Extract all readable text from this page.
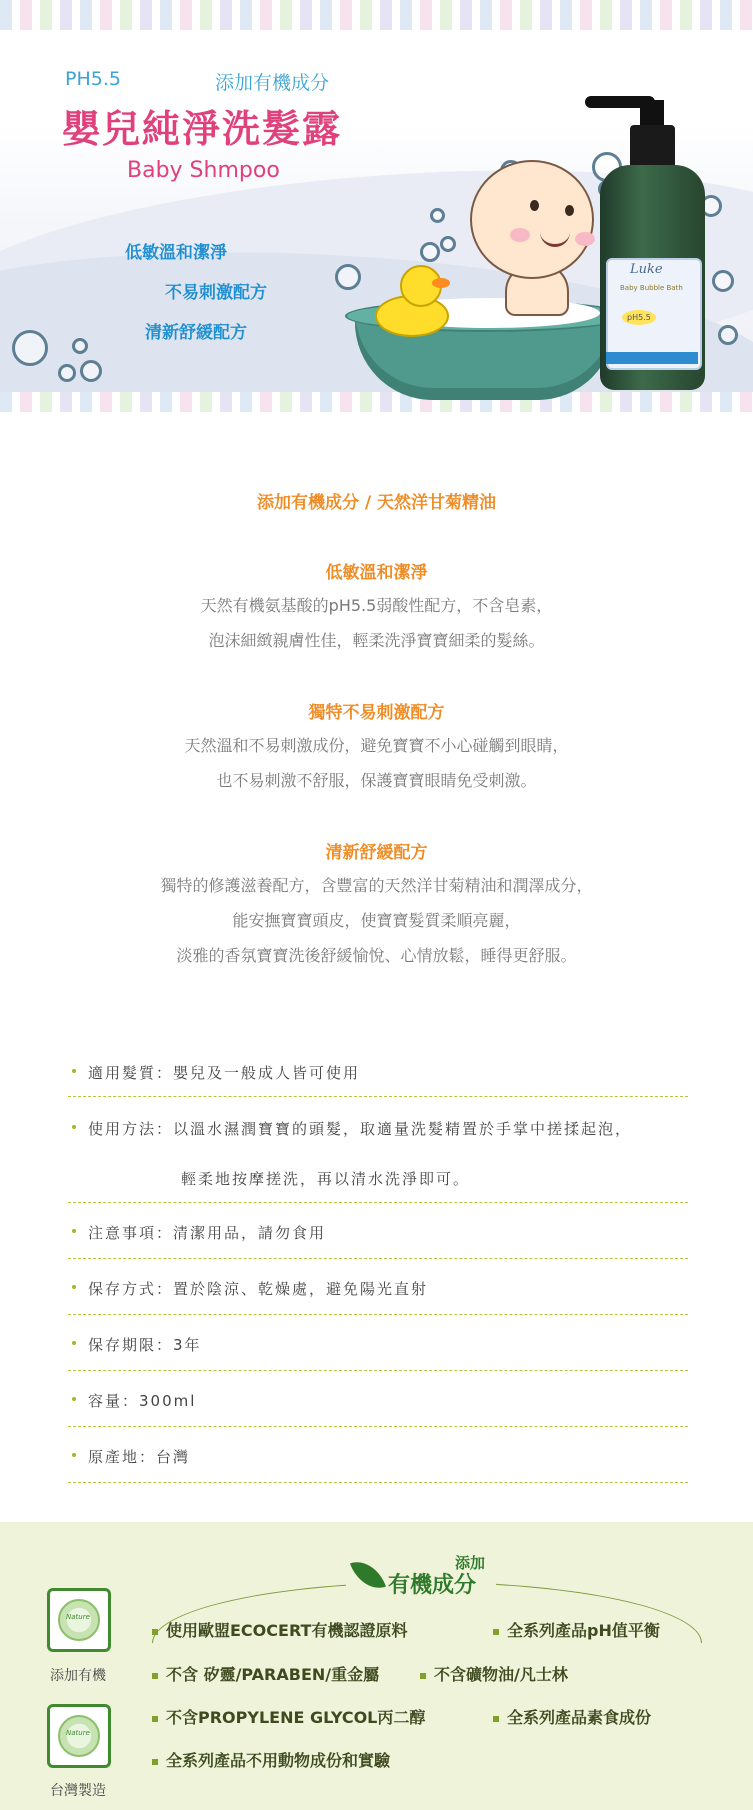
PH5.5	添加有機成分
嬰兒純淨洗髮露
Baby Shmpoo
低敏溫和潔淨
不易刺激配方
清新舒緩配方
Luke
Baby Bubble Bath
pH5.5
添加有機成分 / 天然洋甘菊精油
低敏溫和潔淨
天然有機氨基酸的pH5.5弱酸性配方，不含皂素，
泡沫細緻親膚性佳，輕柔洗淨寶寶細柔的髮絲。
獨特不易刺激配方
天然溫和不易刺激成份，避免寶寶不小心碰觸到眼睛，
也不易刺激不舒服，保護寶寶眼睛免受刺激。
清新舒緩配方
獨特的修護滋養配方，含豐富的天然洋甘菊精油和潤澤成分，
能安撫寶寶頭皮，使寶寶髮質柔順亮麗，
淡雅的香氛寶寶洗後舒緩愉悅、心情放鬆，睡得更舒服。
適用髮質：嬰兒及一般成人皆可使用
使用方法：以溫水濕潤寶寶的頭髮，取適量洗髮精置於手掌中搓揉起泡，
輕柔地按摩搓洗，再以清水洗淨即可。
注意事項：清潔用品，請勿食用
保存方式：置於陰涼、乾燥處，避免陽光直射
保存期限：3年
容量：300ml
原產地：台灣
添加
有機成分
Nature
添加有機
Nature
台灣製造
使用歐盟ECOCERT有機認證原料	全系列產品pH值平衡
不含 矽靈/PARABEN/重金屬	不含礦物油/凡士林
不含PROPYLENE GLYCOL丙二醇	全系列產品素食成份
全系列產品不用動物成份和實驗
